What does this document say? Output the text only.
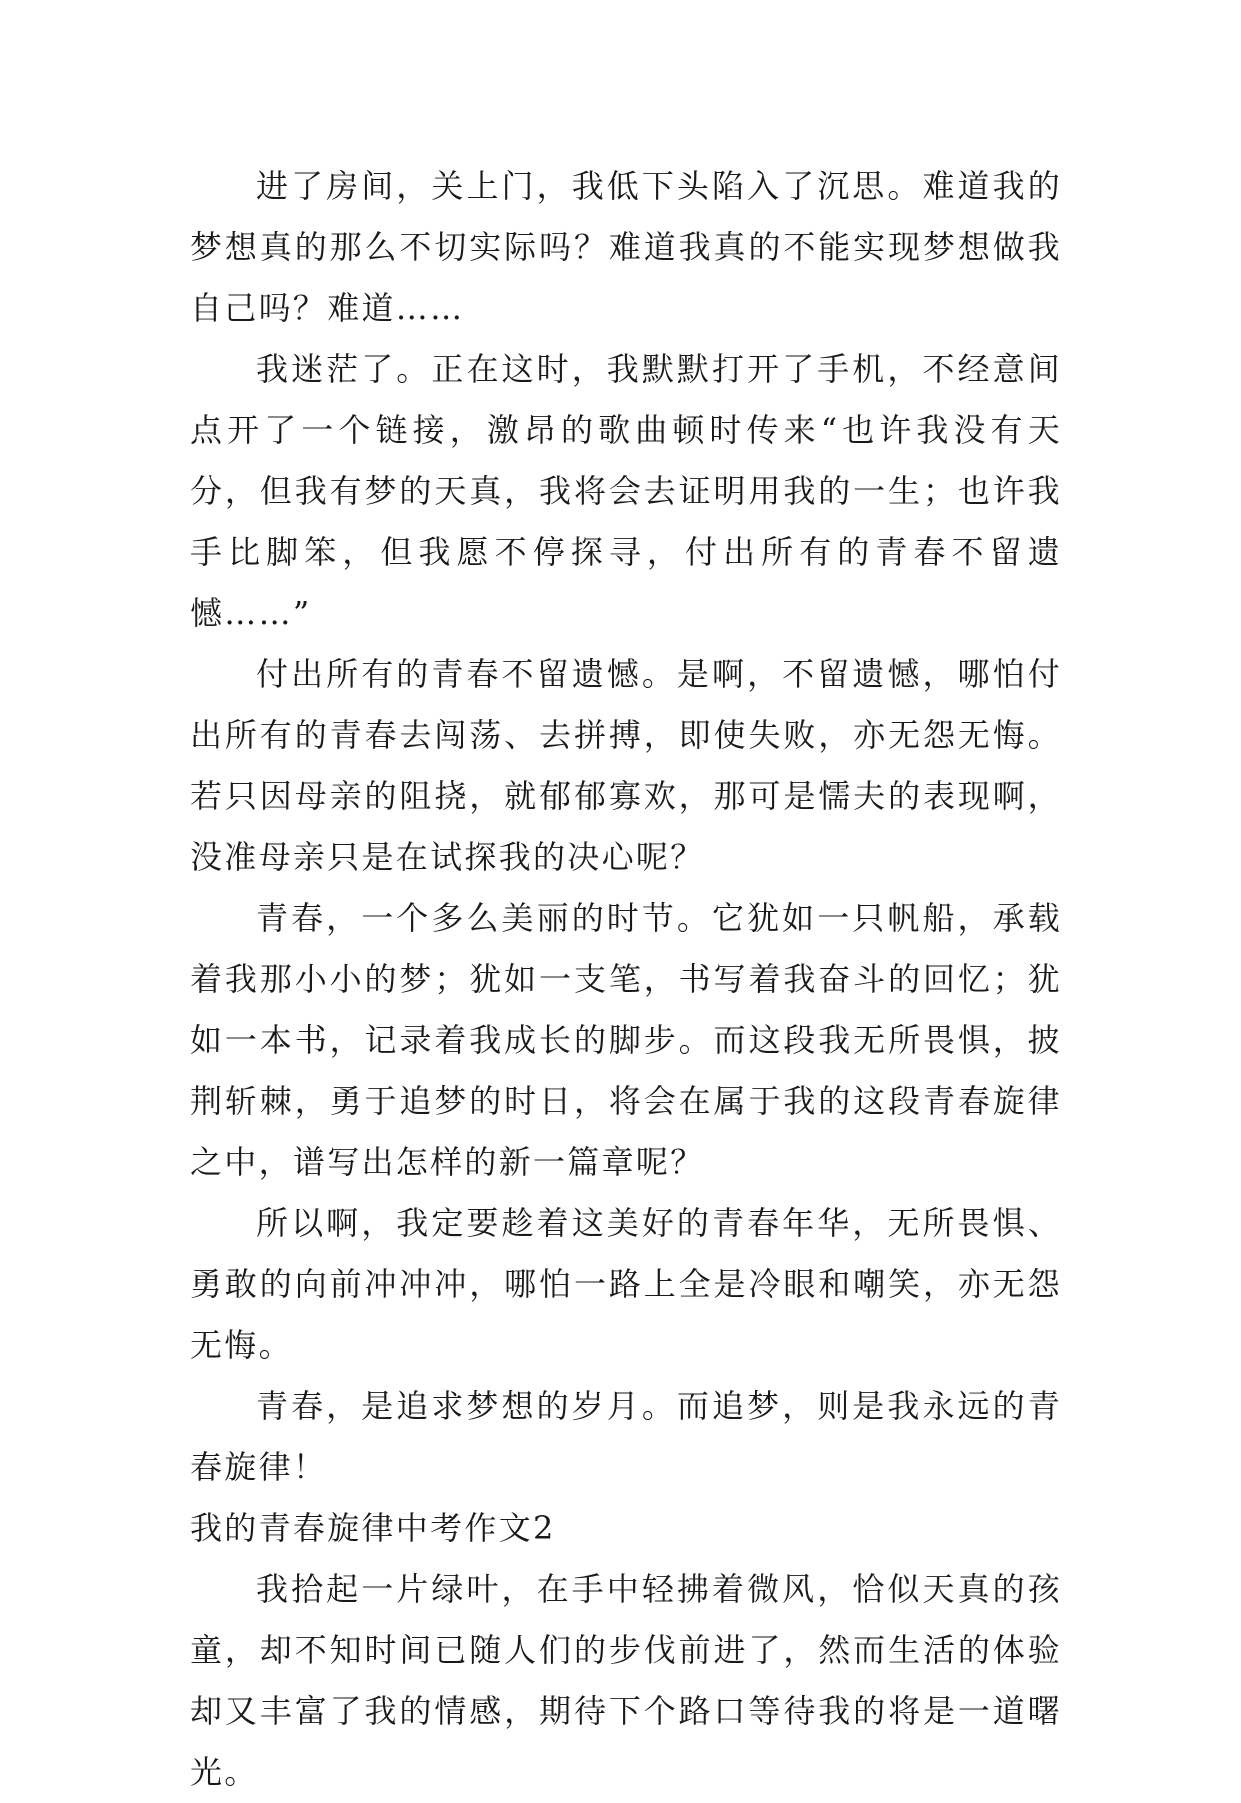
进了房间，关上门，我低下头陷入了沉思。难道我的梦想真的那么不切实际吗？难道我真的不能实现梦想做我自己吗？难道……

我迷茫了。正在这时，我默默打开了手机，不经意间点开了一个链接，激昂的歌曲顿时传来“也许我没有天分，但我有梦的天真，我将会去证明用我的一生；也许我手比脚笨，但我愿不停探寻，付出所有的青春不留遗憾……”

付出所有的青春不留遗憾。是啊，不留遗憾，哪怕付出所有的青春去闯荡、去拼搏，即使失败，亦无怨无悔。若只因母亲的阻挠，就郁郁寡欢，那可是懦夫的表现啊，没准母亲只是在试探我的决心呢？

青春，一个多么美丽的时节。它犹如一只帆船，承载着我那小小的梦；犹如一支笔，书写着我奋斗的回忆；犹如一本书，记录着我成长的脚步。而这段我无所畏惧，披荆斩棘，勇于追梦的时日，将会在属于我的这段青春旋律之中，谱写出怎样的新一篇章呢？

所以啊，我定要趁着这美好的青春年华，无所畏惧、勇敢的向前冲冲冲，哪怕一路上全是冷眼和嘲笑，亦无怨无悔。

青春，是追求梦想的岁月。而追梦，则是我永远的青春旋律！

我的青春旋律中考作文2

我拾起一片绿叶，在手中轻拂着微风，恰似天真的孩童，却不知时间已随人们的步伐前进了，然而生活的体验却又丰富了我的情感，期待下个路口等待我的将是一道曙光。
